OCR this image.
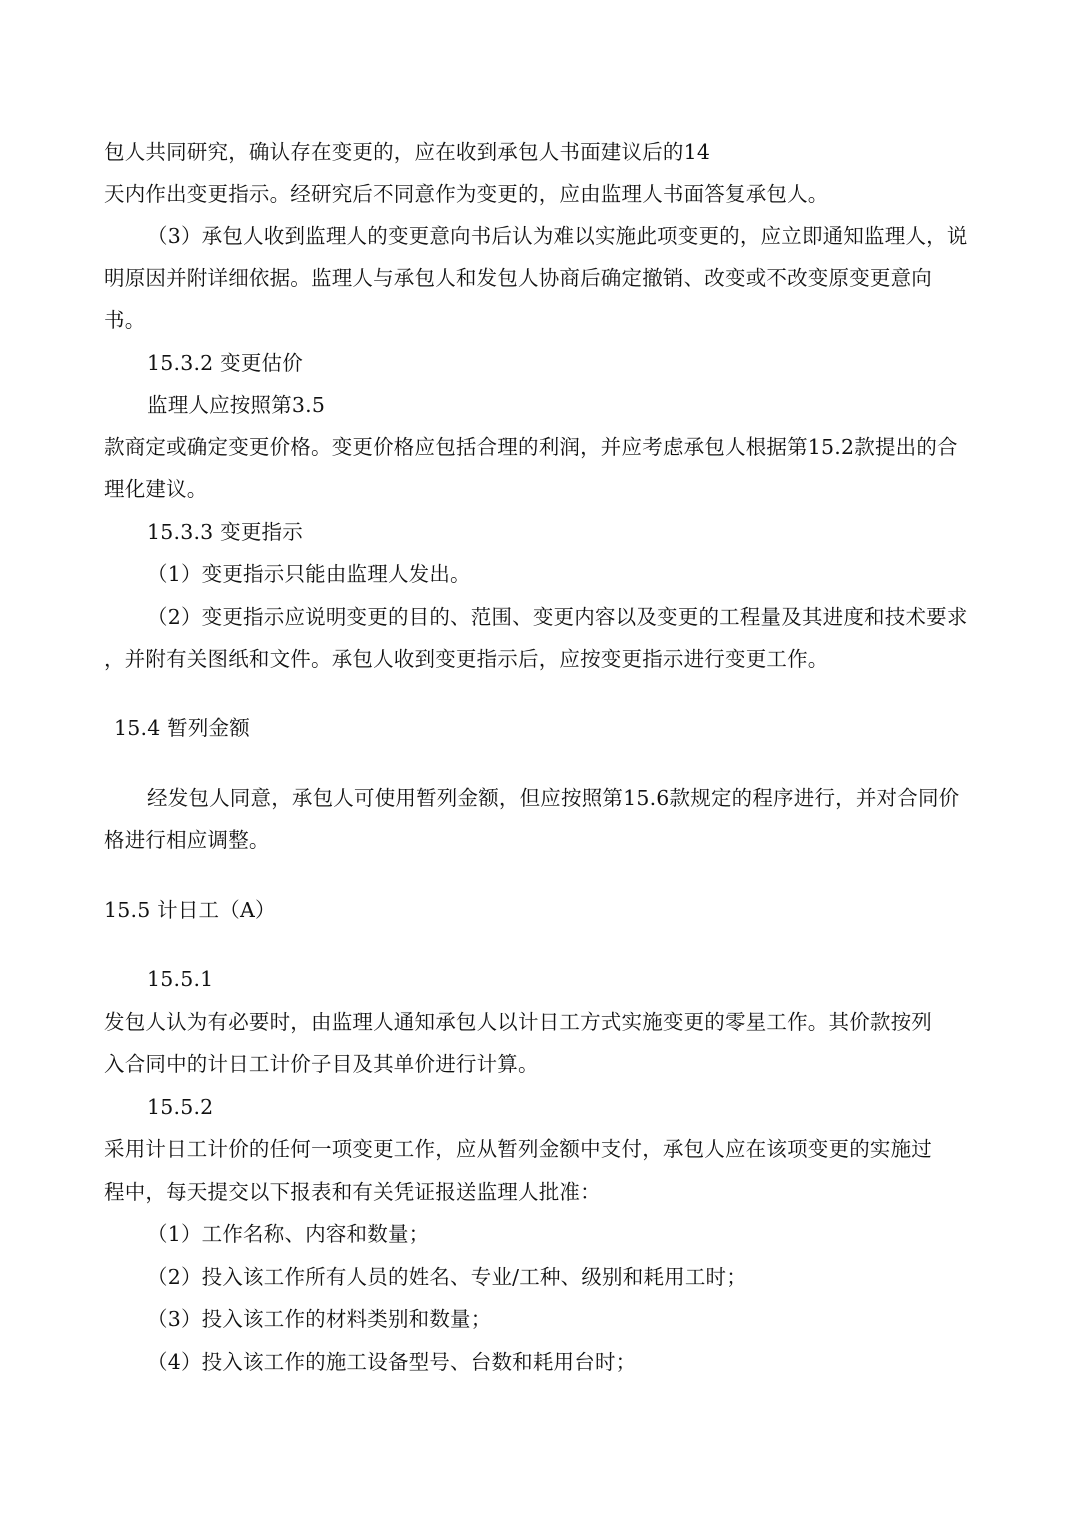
包人共同研究，确认存在变更的，应在收到承包人书面建议后的14
天内作出变更指示。经研究后不同意作为变更的，应由监理人书面答复承包人。
（3）承包人收到监理人的变更意向书后认为难以实施此项变更的，应立即通知监理人，说
明原因并附详细依据。监理人与承包人和发包人协商后确定撤销、改变或不改变原变更意向
书。
15.3.2 变更估价
监理人应按照第3.5
款商定或确定变更价格。变更价格应包括合理的利润，并应考虑承包人根据第15.2款提出的合
理化建议。
15.3.3 变更指示
（1）变更指示只能由监理人发出。
（2）变更指示应说明变更的目的、范围、变更内容以及变更的工程量及其进度和技术要求
，并附有关图纸和文件。承包人收到变更指示后，应按变更指示进行变更工作。
15.4 暂列金额
经发包人同意，承包人可使用暂列金额，但应按照第15.6款规定的程序进行，并对合同价
格进行相应调整。
15.5 计日工（A）
15.5.1
发包人认为有必要时，由监理人通知承包人以计日工方式实施变更的零星工作。其价款按列
入合同中的计日工计价子目及其单价进行计算。
15.5.2
采用计日工计价的任何一项变更工作，应从暂列金额中支付，承包人应在该项变更的实施过
程中，每天提交以下报表和有关凭证报送监理人批准：
（1）工作名称、内容和数量；
（2）投入该工作所有人员的姓名、专业/工种、级别和耗用工时；
（3）投入该工作的材料类别和数量；
（4）投入该工作的施工设备型号、台数和耗用台时；
